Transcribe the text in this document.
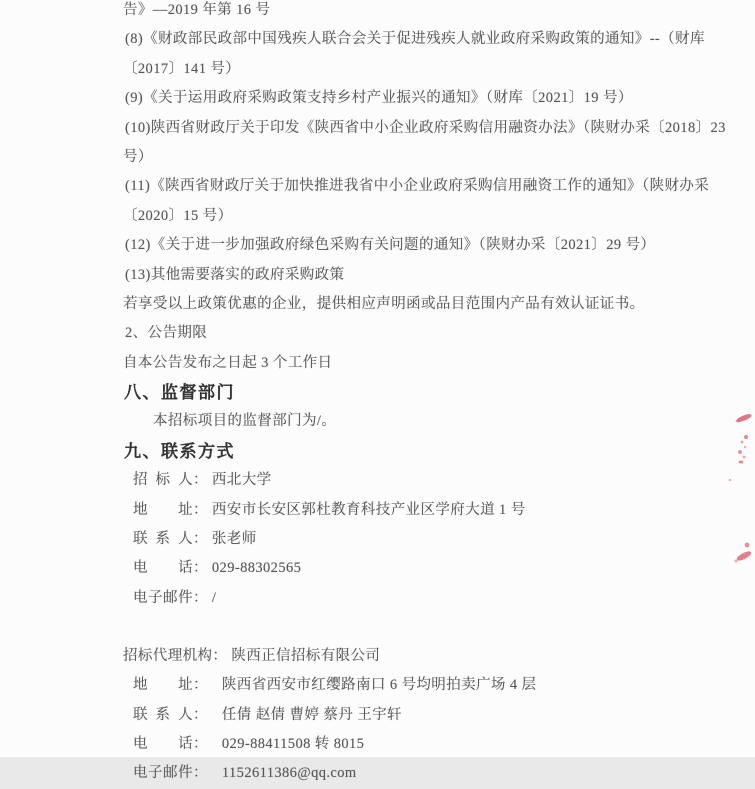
告》—2019 年第 16 号
(8)《财政部民政部中国残疾人联合会关于促进残疾人就业政府采购政策的通知》--（财库
〔2017〕141 号）
(9)《关于运用政府采购政策支持乡村产业振兴的通知》（财库〔2021〕19 号）
(10)陕西省财政厅关于印发《陕西省中小企业政府采购信用融资办法》（陕财办采〔2018〕23
号）
(11)《陕西省财政厅关于加快推进我省中小企业政府采购信用融资工作的通知》（陕财办采
〔2020〕15 号）
(12)《关于进一步加强政府绿色采购有关问题的通知》（陕财办采〔2021〕29 号）
(13)其他需要落实的政府采购政策
若享受以上政策优惠的企业，提供相应声明函或品目范围内产品有效认证证书。
2、公告期限
自本公告发布之日起 3 个工作日
八、监督部门
本招标项目的监督部门为/。
九、联系方式
招标人： 西北大学
地址： 西安市长安区郭杜教育科技产业区学府大道 1 号
联系人： 张老师
电话： 029-88302565
电子邮件： /
招标代理机构： 陕西正信招标有限公司
地址： 陕西省西安市红缨路南口 6 号均明拍卖广场 4 层
联系人： 任倩 赵倩 曹婷 蔡丹 王宇轩
电话： 029-88411508 转 8015
电子邮件： 1152611386@qq.com
